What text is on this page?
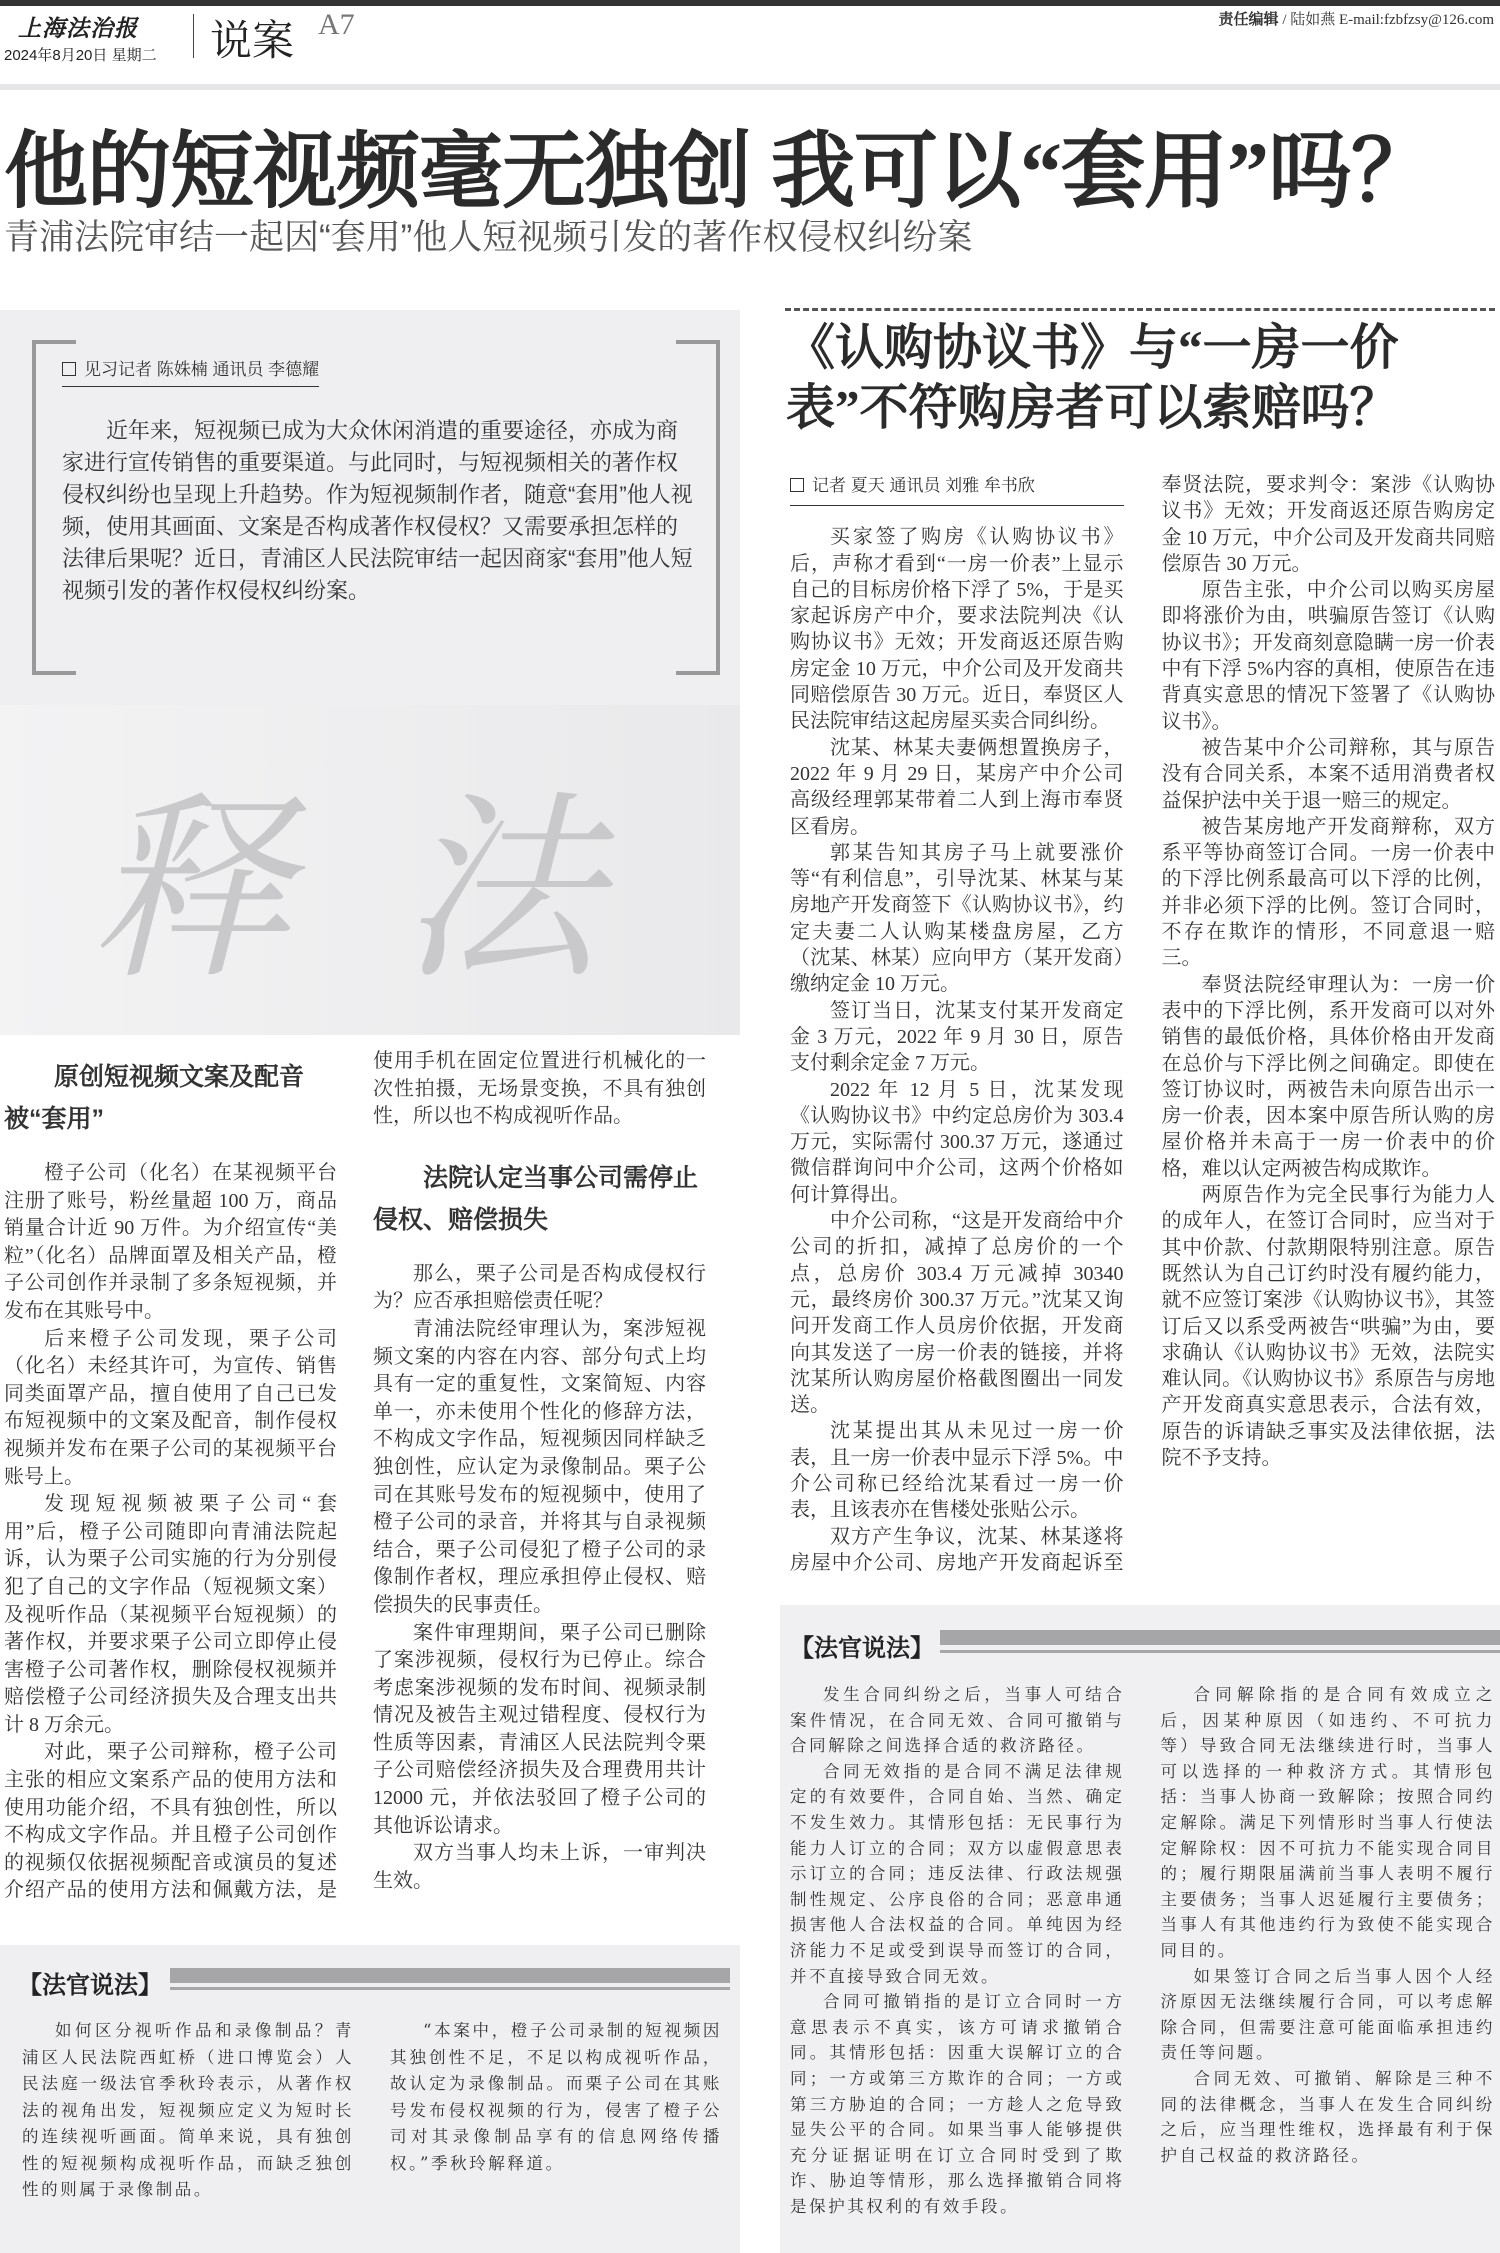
上海法治报
2024年8月20日 星期二 说案 A7	责任编辑 / 陆如燕 E-mail:fzbfzsy@126.com
他的短视频毫无独创 我可以“套用”吗？
青浦法院审结一起因“套用”他人短视频引发的著作权侵权纠纷案
见习记者 陈姝楠 通讯员 李德耀

近年来，短视频已成为大众休闲消遣的重要途径，亦成为商家进行宣传销售的重要渠道。与此同时，与短视频相关的著作权侵权纠纷也呈现上升趋势。作为短视频制作者，随意“套用”他人视频，使用其画面、文案是否构成著作权侵权？又需要承担怎样的法律后果呢？近日，青浦区人民法院审结一起因商家“套用”他人短视频引发的著作权侵权纠纷案。

释法
原创短视频文案及配音被“套用”

橙子公司（化名）在某视频平台注册了账号，粉丝量超 100 万，商品销量合计近 90 万件。为介绍宣传“美粒”（化名）品牌面罩及相关产品，橙子公司创作并录制了多条短视频，并发布在其账号中。

后来橙子公司发现，栗子公司（化名）未经其许可，为宣传、销售同类面罩产品，擅自使用了自己已发布短视频中的文案及配音，制作侵权视频并发布在栗子公司的某视频平台账号上。

发现短视频被栗子公司“套用”后，橙子公司随即向青浦法院起诉，认为栗子公司实施的行为分别侵犯了自己的文字作品（短视频文案）及视听作品（某视频平台短视频）的著作权，并要求栗子公司立即停止侵害橙子公司著作权，删除侵权视频并赔偿橙子公司经济损失及合理支出共计 8 万余元。

对此，栗子公司辩称，橙子公司主张的相应文案系产品的使用方法和使用功能介绍，不具有独创性，所以不构成文字作品。并且橙子公司创作的视频仅依据视频配音或演员的复述介绍产品的使用方法和佩戴方法，是使用手机在固定位置进行机械化的一次性拍摄，无场景变换，不具有独创性，所以也不构成视听作品。

法院认定当事公司需停止侵权、赔偿损失

那么，栗子公司是否构成侵权行为？应否承担赔偿责任呢？

青浦法院经审理认为，案涉短视频文案的内容在内容、部分句式上均具有一定的重复性，文案简短、内容单一，亦未使用个性化的修辞方法，不构成文字作品，短视频因同样缺乏独创性，应认定为录像制品。栗子公司在其账号发布的短视频中，使用了橙子公司的录音，并将其与自录视频结合，栗子公司侵犯了橙子公司的录像制作者权，理应承担停止侵权、赔偿损失的民事责任。

案件审理期间，栗子公司已删除了案涉视频，侵权行为已停止。综合考虑案涉视频的发布时间、视频录制情况及被告主观过错程度、侵权行为性质等因素，青浦区人民法院判令栗子公司赔偿经济损失及合理费用共计 12000 元，并依法驳回了橙子公司的其他诉讼请求。

双方当事人均未上诉，一审判决生效。

【法官说法】

如何区分视听作品和录像制品？青浦区人民法院西虹桥（进口博览会）人民法庭一级法官季秋玲表示，从著作权法的视角出发，短视频应定义为短时长的连续视听画面。简单来说，具有独创性的短视频构成视听作品，而缺乏独创性的则属于录像制品。

“本案中，橙子公司录制的短视频因其独创性不足，不足以构成视听作品，故认定为录像制品。而栗子公司在其账号发布侵权视频的行为，侵害了橙子公司对其录像制品享有的信息网络传播权。”季秋玲解释道。

《认购协议书》与“一房一价表”不符购房者可以索赔吗？
记者 夏天 通讯员 刘雅 牟书欣

买家签了购房《认购协议书》后，声称才看到“一房一价表”上显示自己的目标房价格下浮了 5%，于是买家起诉房产中介，要求法院判决《认购协议书》无效；开发商返还原告购房定金 10 万元，中介公司及开发商共同赔偿原告 30 万元。近日，奉贤区人民法院审结这起房屋买卖合同纠纷。

沈某、林某夫妻俩想置换房子，2022 年 9 月 29 日，某房产中介公司高级经理郭某带着二人到上海市奉贤区看房。

郭某告知其房子马上就要涨价等“有利信息”，引导沈某、林某与某房地产开发商签下《认购协议书》，约定夫妻二人认购某楼盘房屋，乙方（沈某、林某）应向甲方（某开发商）缴纳定金 10 万元。

签订当日，沈某支付某开发商定金 3 万元，2022 年 9 月 30 日，原告支付剩余定金 7 万元。

2022 年 12 月 5 日，沈某发现《认购协议书》中约定总房价为 303.4 万元，实际需付 300.37 万元，遂通过微信群询问中介公司，这两个价格如何计算得出。

中介公司称，“这是开发商给中介公司的折扣，减掉了总房价的一个点，总房价 303.4 万元减掉 30340 元，最终房价 300.37 万元。”沈某又询问开发商工作人员房价依据，开发商向其发送了一房一价表的链接，并将沈某所认购房屋价格截图圈出一同发送。

沈某提出其从未见过一房一价表，且一房一价表中显示下浮 5%。中介公司称已经给沈某看过一房一价表，且该表亦在售楼处张贴公示。

双方产生争议，沈某、林某遂将房屋中介公司、房地产开发商起诉至奉贤法院，要求判令：案涉《认购协议书》无效；开发商返还原告购房定金 10 万元，中介公司及开发商共同赔偿原告 30 万元。

原告主张，中介公司以购买房屋即将涨价为由，哄骗原告签订《认购协议书》；开发商刻意隐瞒一房一价表中有下浮 5%内容的真相，使原告在违背真实意思的情况下签署了《认购协议书》。

被告某中介公司辩称，其与原告没有合同关系，本案不适用消费者权益保护法中关于退一赔三的规定。

被告某房地产开发商辩称，双方系平等协商签订合同。一房一价表中的下浮比例系最高可以下浮的比例，并非必须下浮的比例。签订合同时，不存在欺诈的情形，不同意退一赔三。

奉贤法院经审理认为：一房一价表中的下浮比例，系开发商可以对外销售的最低价格，具体价格由开发商在总价与下浮比例之间确定。即使在签订协议时，两被告未向原告出示一房一价表，因本案中原告所认购的房屋价格并未高于一房一价表中的价格，难以认定两被告构成欺诈。

两原告作为完全民事行为能力人的成年人，在签订合同时，应当对于其中价款、付款期限特别注意。原告既然认为自己订约时没有履约能力，就不应签订案涉《认购协议书》，其签订后又以系受两被告“哄骗”为由，要求确认《认购协议书》无效，法院实难认同。《认购协议书》系原告与房地产开发商真实意思表示，合法有效，原告的诉请缺乏事实及法律依据，法院不予支持。

【法官说法】

发生合同纠纷之后，当事人可结合案件情况，在合同无效、合同可撤销与合同解除之间选择合适的救济路径。

合同无效指的是合同不满足法律规定的有效要件，合同自始、当然、确定不发生效力。其情形包括：无民事行为能力人订立的合同；双方以虚假意思表示订立的合同；违反法律、行政法规强制性规定、公序良俗的合同；恶意串通损害他人合法权益的合同。单纯因为经济能力不足或受到误导而签订的合同，并不直接导致合同无效。

合同可撤销指的是订立合同时一方意思表示不真实，该方可请求撤销合同。其情形包括：因重大误解订立的合同；一方或第三方欺诈的合同；一方或第三方胁迫的合同；一方趁人之危导致显失公平的合同。如果当事人能够提供充分证据证明在订立合同时受到了欺诈、胁迫等情形，那么选择撤销合同将是保护其权利的有效手段。

合同解除指的是合同有效成立之后，因某种原因（如违约、不可抗力等）导致合同无法继续进行时，当事人可以选择的一种救济方式。其情形包括：当事人协商一致解除；按照合同约定解除。满足下列情形时当事人行使法定解除权：因不可抗力不能实现合同目的；履行期限届满前当事人表明不履行主要债务；当事人迟延履行主要债务；当事人有其他违约行为致使不能实现合同目的。

如果签订合同之后当事人因个人经济原因无法继续履行合同，可以考虑解除合同，但需要注意可能面临承担违约责任等问题。

合同无效、可撤销、解除是三种不同的法律概念，当事人在发生合同纠纷之后，应当理性维权，选择最有利于保护自己权益的救济路径。
